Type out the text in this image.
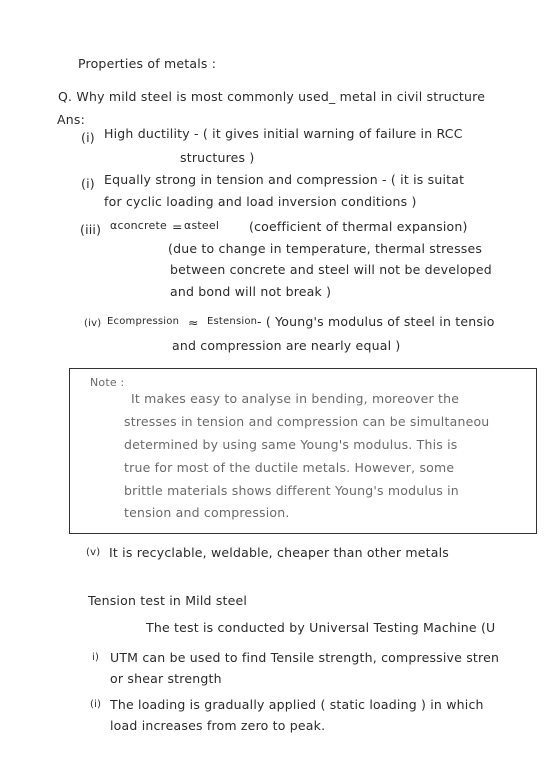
Properties of metals :
Q. Why mild steel is most commonly used_ metal in civil structure
Ans:
(i) High ductility - ( it gives initial warning of failure in RCC
structures )
(i) Equally strong in tension and compression - ( it is suitat
for cyclic loading and load inversion conditions )
(iii) αconcrete = αsteel (coefficient of thermal expansion)
(due to change in temperature, thermal stresses
between concrete and steel will not be developed
and bond will not break )
(iv) Ecompression ≈ Estension - ( Young's modulus of steel in tensio
and compression are nearly equal )
Note :
It makes easy to analyse in bending, moreover the
stresses in tension and compression can be simultaneou
determined by using same Young's modulus. This is
true for most of the ductile metals. However, some
brittle materials shows different Young's modulus in
tension and compression.
(v) It is recyclable, weldable, cheaper than other metals
Tension test in Mild steel
The test is conducted by Universal Testing Machine (U
i) UTM can be used to find Tensile strength, compressive stren
or shear strength
(i) The loading is gradually applied ( static loading ) in which
load increases from zero to peak.
